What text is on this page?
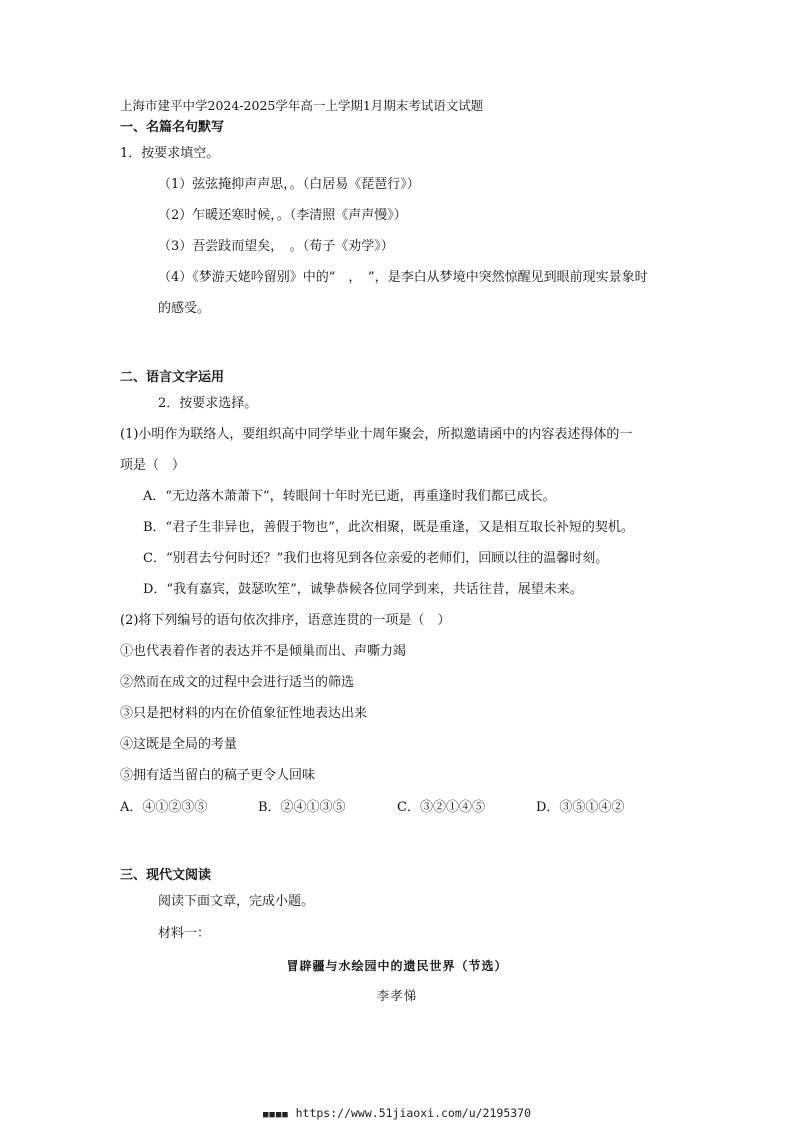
上海市建平中学2024-2025学年高一上学期1月期末考试语文试题
一、名篇名句默写
1．按要求填空。
（1）弦弦掩抑声声思，。（白居易《琵琶行》）
（2）乍暖还寒时候，。（李清照《声声慢》）
（3）吾尝跂而望矣，　。（荀子《劝学》）
（4）《梦游天姥吟留别》中的“　，　”，是李白从梦境中突然惊醒见到眼前现实景象时
的感受。
二、语言文字运用
2．按要求选择。
(1)小明作为联络人，要组织高中同学毕业十周年聚会，所拟邀请函中的内容表述得体的一
项是（　）
A．“无边落木萧萧下”，转眼间十年时光已逝，再重逢时我们都已成长。
B．“君子生非异也，善假于物也”，此次相聚，既是重逢，又是相互取长补短的契机。
C．“别君去兮何时还？”我们也将见到各位亲爱的老师们，回顾以往的温馨时刻。
D．“我有嘉宾，鼓瑟吹笙”，诚挚恭候各位同学到来，共话往昔，展望未来。
(2)将下列编号的语句依次排序，语意连贯的一项是（　）
①也代表着作者的表达并不是倾巢而出、声嘶力竭
②然而在成文的过程中会进行适当的筛选
③只是把材料的内在价值象征性地表达出来
④这既是全局的考量
⑤拥有适当留白的稿子更令人回味
A．④①②③⑤	B．②④①③⑤	C．③②①④⑤	D．③⑤①④②
三、现代文阅读
阅读下面文章，完成小题。
材料一：
冒辟疆与水绘园中的遗民世界（节选）
李孝悌
■■■■ https://www.51jiaoxi.com/u/2195370
